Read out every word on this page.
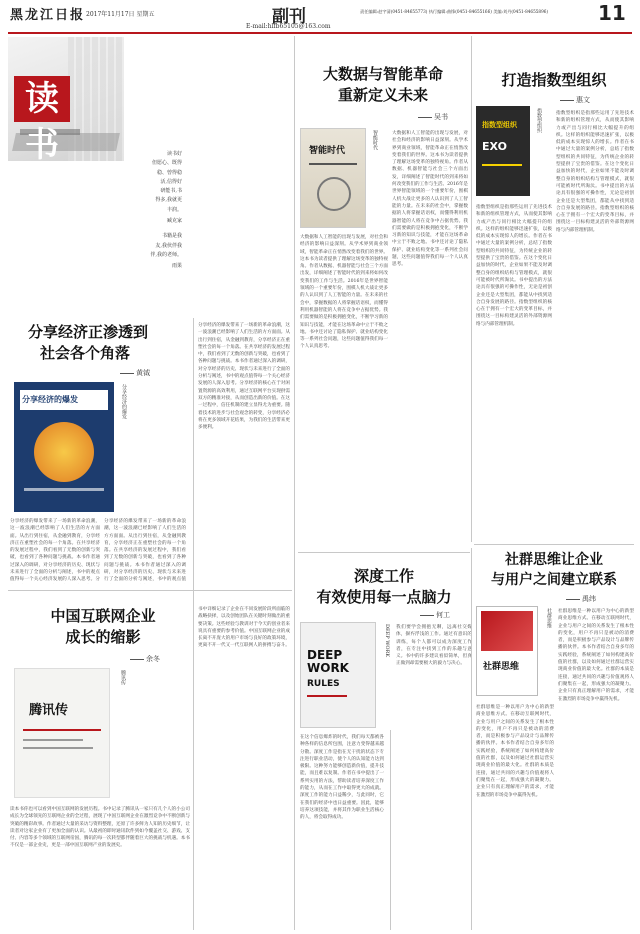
黑龙江日报 2017年11月17日 星期五	副刊
E-mail:hlfb65105@163.com
责任编辑:赵宇清(0451-84655773) 执行编辑:曲锋(0451-84655166) 美编:刘丹(0451-84655896) 11
读书	读书好
但愿心、既得
稳、曾得稳
活,信得好
研能书,书
得多,我就更
丰润。
臧克家
书籍是我
友,我伙伴我
伴,我的老师。
雨果
分享经济正渗透到
社会各个角落
黄钺
分享经济的爆发	分享经济的爆发
分享经济的爆发带来了一场新的革命浪潮，这一波浪潮已经影响了人们生活的方方面面。从出行到住宿，从金融到教育，分享经济正在重塑社会的每一个角落。在共享经济的发展过程中，我们看到了无数的创新与突破，也看到了各种问题与挑战。本书作者通过深入的调研，对分享经济的历史、现状与未来进行了全面的分析与阐述，书中的观点值得每一个关心经济发展的人深入思考。分
分享经济的爆发带来了一场新的革命浪潮，这一波浪潮已经影响了人们生活的方方面面。从出行到住宿，从金融到教育，分享经济正在重塑社会的每一个角落。在共享经济的发展过程中，我们看到了无数的创新与突破，也看到了各种问题与挑战。本书作者通过深入的调研，对分享经济的历史、现状与未来进行了全面的分析与阐述，书中的观点值
分享经济的爆发带来了一场新的革命浪潮，这一波浪潮已经影响了人们生活的方方面面。从出行到住宿，从金融到教育，分享经济正在重塑社会的每一个角落。在共享经济的发展过程中，我们看到了无数的创新与突破，也看到了各种问题与挑战。本书作者通过深入的调研，对分享经济的历史、现状与未来进行了全面的分析与阐述，书中的观点值得每一个关心经济发展的人深入思考。分享经济的核心在于对闲置资源的高效利用，通过互联网平台实现供需双方的精准对接，从而创造出新的价值。在这一过程中，信任机制的建立显得尤为重要。随着技术的进步与社会观念的转变，分享经济必将在更多领域开花结果，为我们的生活带来更多便利。
中国互联网企业
成长的缩影
余冬
腾讯传
腾讯传
读本书你也可以看到中国互联网的发展历程。书中记录了腾讯从一家只有几个人的小公司成长为全球领先的互联网企业的全过程，展现了中国互联网企业在激烈竞争中不断创新与突破的精彩故事。作者通过大量的采访与资料整理，还原了许多鲜为人知的历史细节，让读者对这家企业有了更加全面的认识。从最初的即时通讯软件到如今覆盖社交、游戏、支付、内容等多个领域的互联网帝国，腾讯的每一次转型都伴随着巨大的挑战与机遇。本书不仅是一部企业史，更是一部中国互联网产业的发展史。
书中详细记录了企业在不同发展阶段所面临的战略抉择，以及创始团队在关键时刻做出的重要决策。这些经验与教训对于今天的创业者来说具有重要的参考价值。中国互联网企业的成长离不开庞大的用户市场与良好的政策环境，更离不开一代又一代互联网人的拼搏与奋斗。
大数据与智能革命
重新定义未来
吴书
智能时代
智能时代
大数据和人工智能的出现与发展，对社会和经济的影响日益深刻。从学术界到商业领域，智能革命正在悄然改变着我们的世界。这本书为读者提供了理解这场变革的独特视角。作者从数据、机器智能与社会三个方面出发，详细阐述了智能时代的到来将如何改变我们的工作与生活。2016年是世界智能领域的一个重要年份，围棋人机大战让更多的人认识到了人工智能的力量。在未来的社会中，掌握数据的人将掌握话语权，而懂得利用机器智能的人将在竞争中占据优势。我们需要做的是积极拥抱变化，不断学习新的知识与技能，才能在这场革命中立于不败之地。书中还讨论了隐私保护、就业结构变化等一系列社会问题，这些问题值得我们每一个人认真思考。
大数据和人工智能的出现与发展，对社会和经济的影响日益深刻。从学术界到商业领域，智能革命正在悄然改变着我们的世界。这本书为读者提供了理解这场变革的独特视角。作者从数据、机器智能与社会三个方面出发，详细阐述了智能时代的到来将如何改变我们的工作与生活。2016年是世界智能领域的一个重要年份，围棋人机大战让更多的人认识到了人工智能的力量。在未来的社会中，掌握数据的人将掌握话语权，而懂得利用机器智能的人将在竞争中占据优势。我们需要做的是积极拥抱变化，不断学习新的知识与技能，才能在这场革命中立于不败之地。书中还讨论了隐私保护、就业结构变化等一系列社会问题，这些问题值得我们每一个人认真思考。
打造指数型组织
惠文
指数型组织
EXO
指数型组织
指数型组织是指那些运用了先进技术和新的组织管理方式，从而使其影响力或产出与同行相比大幅提升的组织。这样的组织能够迅速扩张，以极低的成本实现惊人的增长。作者在书中通过大量的案例分析，总结了指数型组织的共同特征，为传统企业的转型提供了宝贵的借鉴。在这个变化日益加快的时代，企业如果不能及时调整自身的组织结构与管理模式，就很可能被时代所淘汰。书中提出的方法论具有很强的可操作性，无论是初创企业还是大型集团，都能从中找到适合自身发展的路径。指数型组织的核心在于拥有一个宏大的变革目标，并围绕这一目标构建灵活的外部资源网络与内部管理机制。
指数型组织是指那些运用了先进技术和新的组织管理方式，从而使其影响力或产出与同行相比大幅提升的组织。这样的组织能够迅速扩张，以极低的成本实现惊人的增长。作者在书中通过大量的案例分析，总结了指数型组织的共同特征，为传统企业的转型提供了宝贵的借鉴。在这个变化日益加快的时代，企业如果不能及时调整自身的组织结构与管理模式，就很可能被时代所淘汰。书中提出的方法论具有很强的可操作性，无论是初创企业还是大型集团，都能从中找到适合自身发展的路径。指数型组织的核心在于拥有一个宏大的变革目标，并围绕这一目标构建灵活的外部资源网络与内部管理机制。
社群思维让企业
与用户之间建立联系
禹纬
社群思维
社群思维
社群思维是一种以用户为中心的新型商业思维方式。在移动互联网时代，企业与用户之间的关系发生了根本性的变化，用户不再只是被动的消费者，而是积极参与产品设计与品牌传播的伙伴。本书作者结合自身多年的实践经验，系统阐述了如何构建高价值的社群，以及如何通过社群运营实现商业价值的最大化。社群的本质是连接，通过共同的兴趣与价值观将人们聚集在一起，形成强大的凝聚力。企业只有真正理解用户的需求，才能在激烈的市场竞争中赢得先机。
社群思维是一种以用户为中心的新型商业思维方式。在移动互联网时代，企业与用户之间的关系发生了根本性的变化，用户不再只是被动的消费者，而是积极参与产品设计与品牌传播的伙伴。本书作者结合自身多年的实践经验，系统阐述了如何构建高价值的社群，以及如何通过社群运营实现商业价值的最大化。社群的本质是连接，通过共同的兴趣与价值观将人们聚集在一起，形成强大的凝聚力。企业只有真正理解用户的需求，才能在激烈的市场竞争中赢得先机。
深度工作
有效使用每一点脑力
何工
DEEP WORK
RULES
DEEP WORK
在这个信息爆炸的时代，我们每天都被各种各样的信息所包围，注意力变得越来越分散。深度工作是指在无干扰的状态下专注进行职业活动，使个人的认知能力达到极限。这种努力能够创造新价值，提升技能，而且难以复制。作者在书中提出了一系列实用的方法，帮助读者培养深度工作的能力，从而在工作中取得更大的成就。深度工作的能力日益稀少，与此同时，它在我们的经济中也日益重要。因此，能够培养这项技能，并将其作为职业生活核心的人，将会取得成功。
我们要学会拥抱无聊，远离社交媒体，摒弃浮浅的工作。通过有意识的训练，每个人都可以成为深度工作者，在专注中找到工作的乐趣与意义。书中的许多建议看似简单，但真正做到却需要极大的毅力与决心。
